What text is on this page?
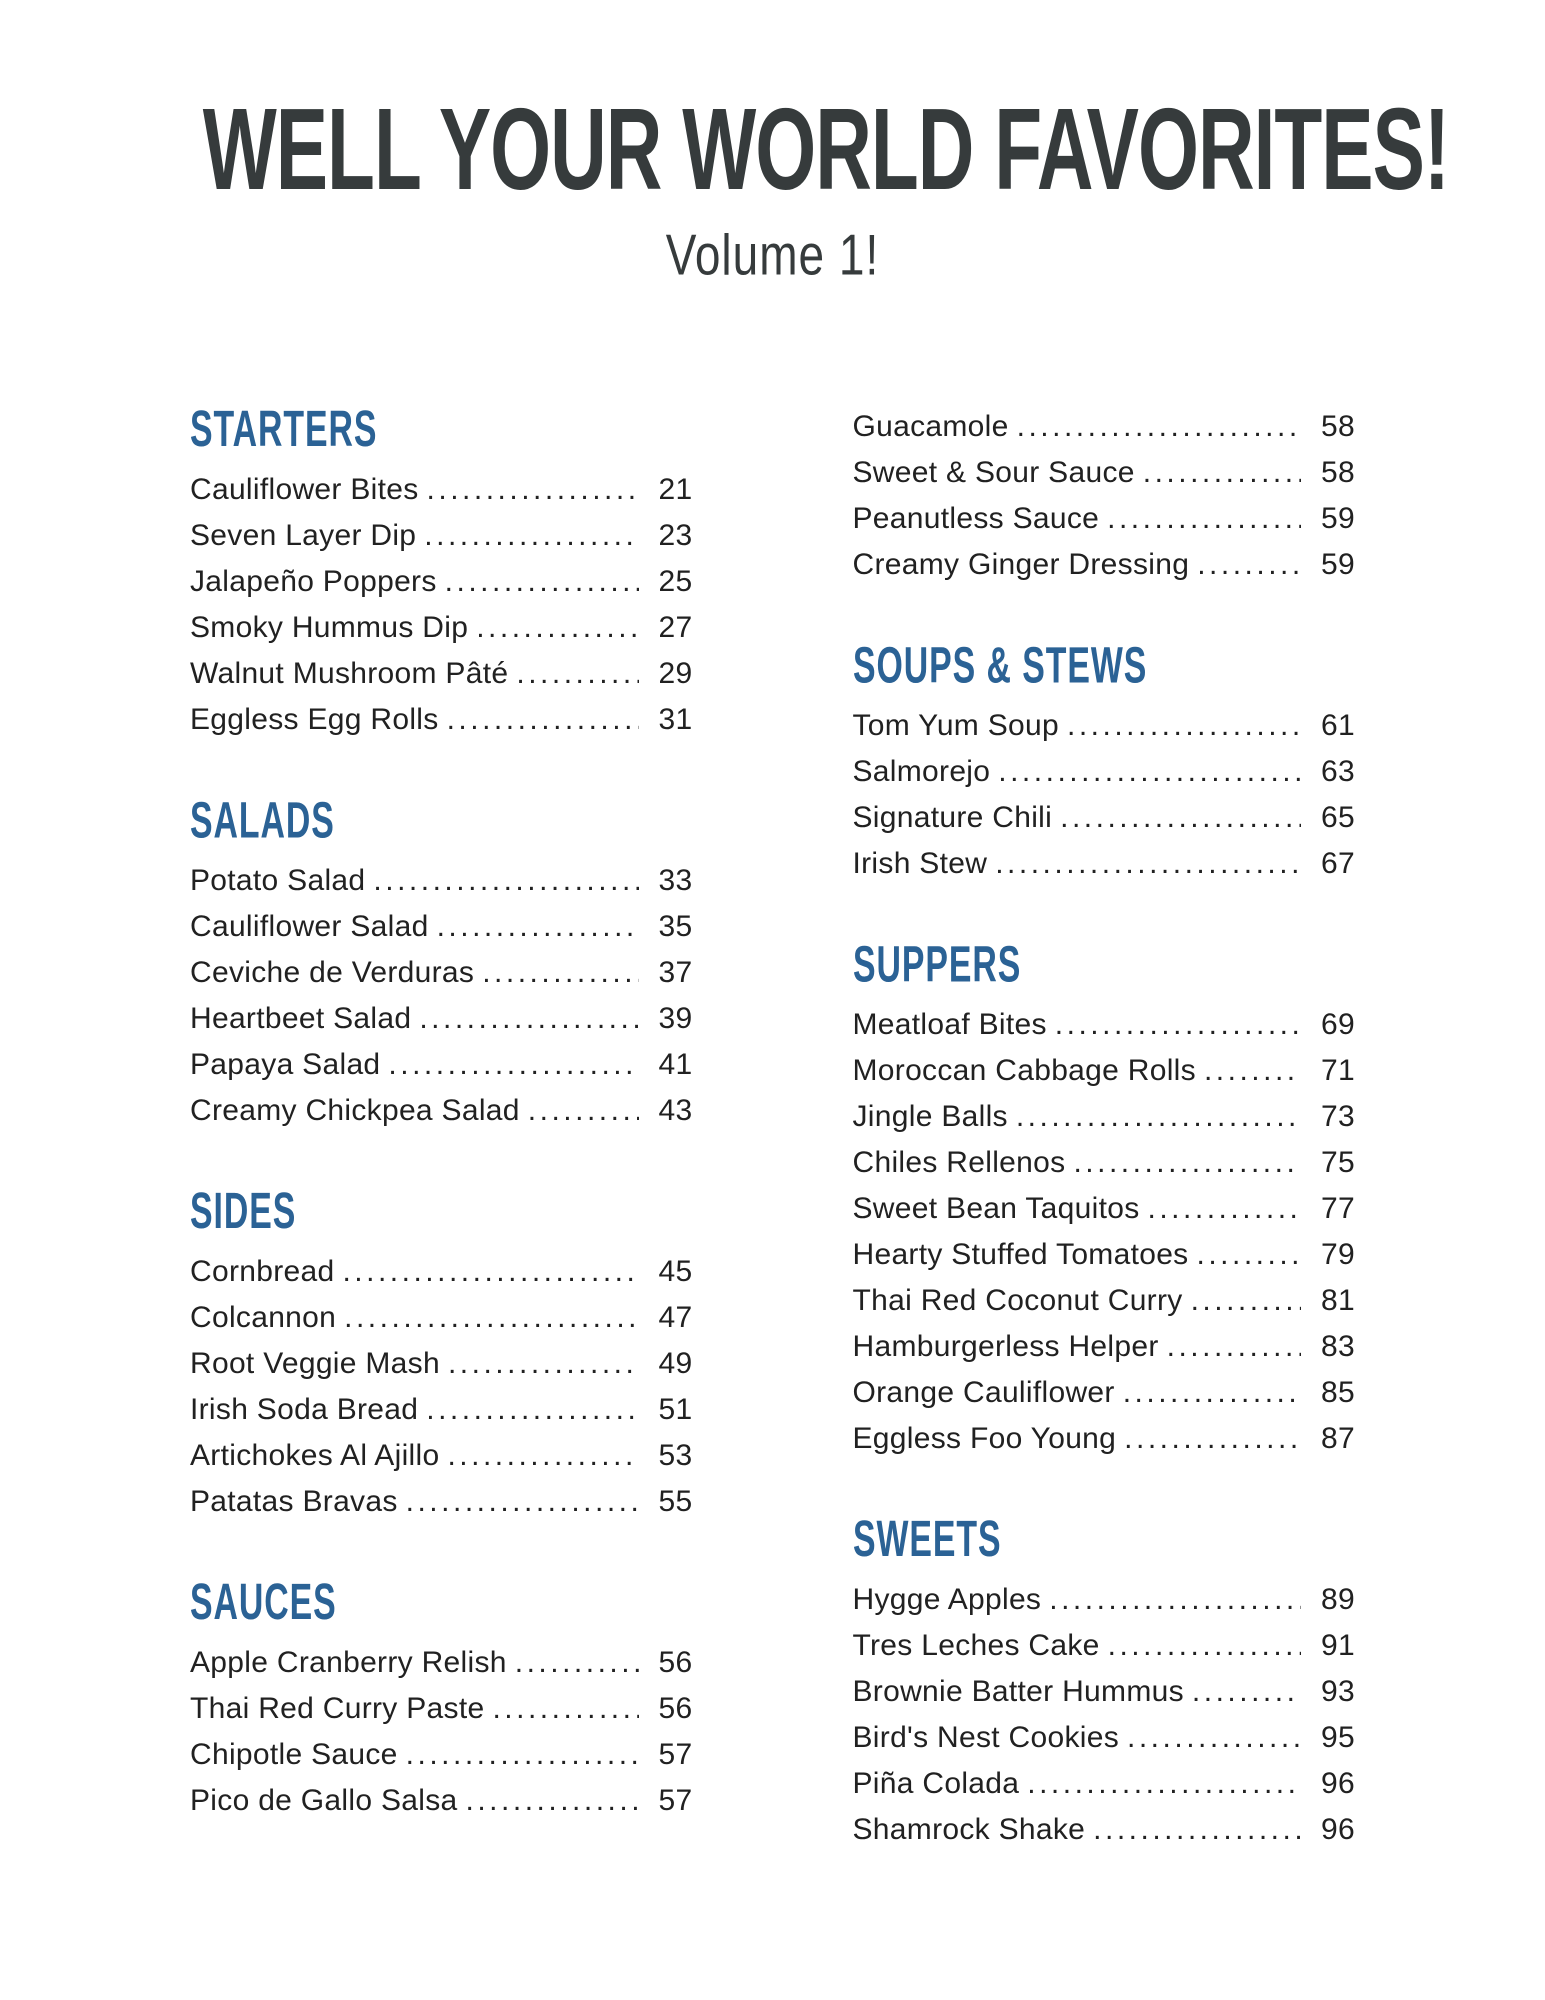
WELL YOUR WORLD FAVORITES!
Volume 1!
STARTERS
Cauliflower Bites .....	21
Seven Layer Dip .....	23
Jalapeño Poppers .....	25
Smoky Hummus Dip .....	27
Walnut Mushroom Pâté .....	29
Eggless Egg Rolls .....	31
SALADS
Potato Salad .....	33
Cauliflower Salad .....	35
Ceviche de Verduras .....	37
Heartbeet Salad .....	39
Papaya Salad .....	41
Creamy Chickpea Salad .....	43
SIDES
Cornbread .....	45
Colcannon .....	47
Root Veggie Mash .....	49
Irish Soda Bread .....	51
Artichokes Al Ajillo .....	53
Patatas Bravas .....	55
SAUCES
Apple Cranberry Relish .....	56
Thai Red Curry Paste .....	56
Chipotle Sauce .....	57
Pico de Gallo Salsa .....	57
Guacamole .....	58
Sweet & Sour Sauce .....	58
Peanutless Sauce .....	59
Creamy Ginger Dressing .....	59
SOUPS & STEWS
Tom Yum Soup .....	61
Salmorejo .....	63
Signature Chili .....	65
Irish Stew .....	67
SUPPERS
Meatloaf Bites .....	69
Moroccan Cabbage Rolls .....	71
Jingle Balls .....	73
Chiles Rellenos .....	75
Sweet Bean Taquitos .....	77
Hearty Stuffed Tomatoes .....	79
Thai Red Coconut Curry .....	81
Hamburgerless Helper .....	83
Orange Cauliflower .....	85
Eggless Foo Young .....	87
SWEETS
Hygge Apples .....	89
Tres Leches Cake .....	91
Brownie Batter Hummus .....	93
Bird's Nest Cookies .....	95
Piña Colada .....	96
Shamrock Shake .....	96
